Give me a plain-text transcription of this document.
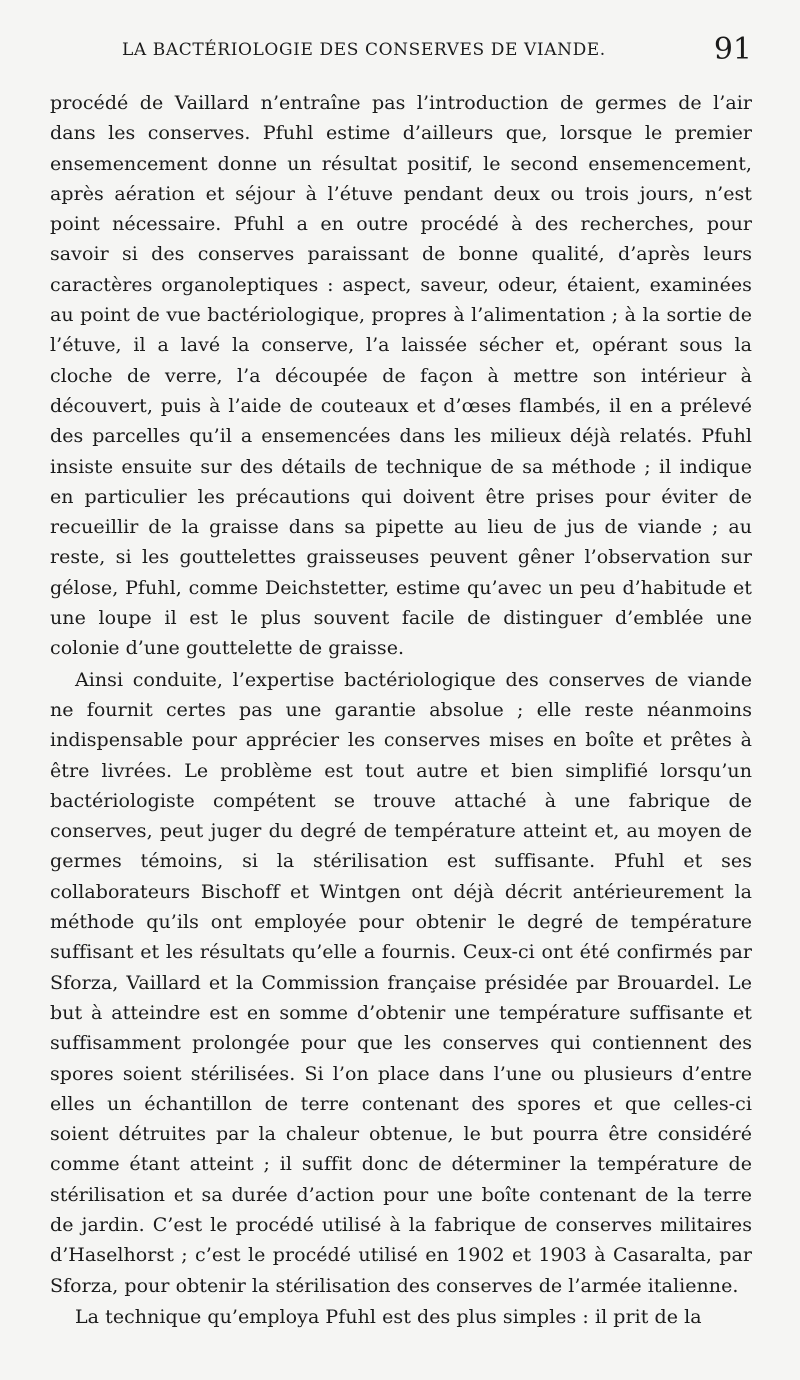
LA BACTÉRIOLOGIE DES CONSERVES DE VIANDE.	91

procédé de Vaillard n’entraîne pas l’introduction de germes de l’air dans les conserves. Pfuhl estime d’ailleurs que, lorsque le premier ensemencement donne un résultat positif, le second ensemencement, après aération et séjour à l’étuve pendant deux ou trois jours, n’est point nécessaire. Pfuhl a en outre procédé à des recherches, pour savoir si des conserves paraissant de bonne qualité, d’après leurs caractères organoleptiques : aspect, saveur, odeur, étaient, examinées au point de vue bactériologique, propres à l’alimentation ; à la sortie de l’étuve, il a lavé la conserve, l’a laissée sécher et, opérant sous la cloche de verre, l’a découpée de façon à mettre son intérieur à découvert, puis à l’aide de couteaux et d’œses flambés, il en a prélevé des parcelles qu’il a ensemencées dans les milieux déjà relatés. Pfuhl insiste ensuite sur des détails de technique de sa méthode ; il indique en particulier les précautions qui doivent être prises pour éviter de recueillir de la graisse dans sa pipette au lieu de jus de viande ; au reste, si les gouttelettes graisseuses peuvent gêner l’observation sur gélose, Pfuhl, comme Deichstetter, estime qu’avec un peu d’habitude et une loupe il est le plus souvent facile de distinguer d’emblée une colonie d’une gouttelette de graisse.

Ainsi conduite, l’expertise bactériologique des conserves de viande ne fournit certes pas une garantie absolue ; elle reste néanmoins indispensable pour apprécier les conserves mises en boîte et prêtes à être livrées. Le problème est tout autre et bien simplifié lorsqu’un bactériologiste compétent se trouve attaché à une fabrique de conserves, peut juger du degré de température atteint et, au moyen de germes témoins, si la stérilisation est suffisante. Pfuhl et ses collaborateurs Bischoff et Wintgen ont déjà décrit antérieurement la méthode qu’ils ont employée pour obtenir le degré de température suffisant et les résultats qu’elle a fournis. Ceux-ci ont été confirmés par Sforza, Vaillard et la Commission française présidée par Brouardel. Le but à atteindre est en somme d’obtenir une température suffisante et suffisamment prolongée pour que les conserves qui contiennent des spores soient stérilisées. Si l’on place dans l’une ou plusieurs d’entre elles un échantillon de terre contenant des spores et que celles-ci soient détruites par la chaleur obtenue, le but pourra être considéré comme étant atteint ; il suffit donc de déterminer la température de stérilisation et sa durée d’action pour une boîte contenant de la terre de jardin. C’est le procédé utilisé à la fabrique de conserves militaires d’Haselhorst ; c’est le procédé utilisé en 1902 et 1903 à Casaralta, par Sforza, pour obtenir la stérilisation des conserves de l’armée italienne.

La technique qu’employa Pfuhl est des plus simples : il prit de la
